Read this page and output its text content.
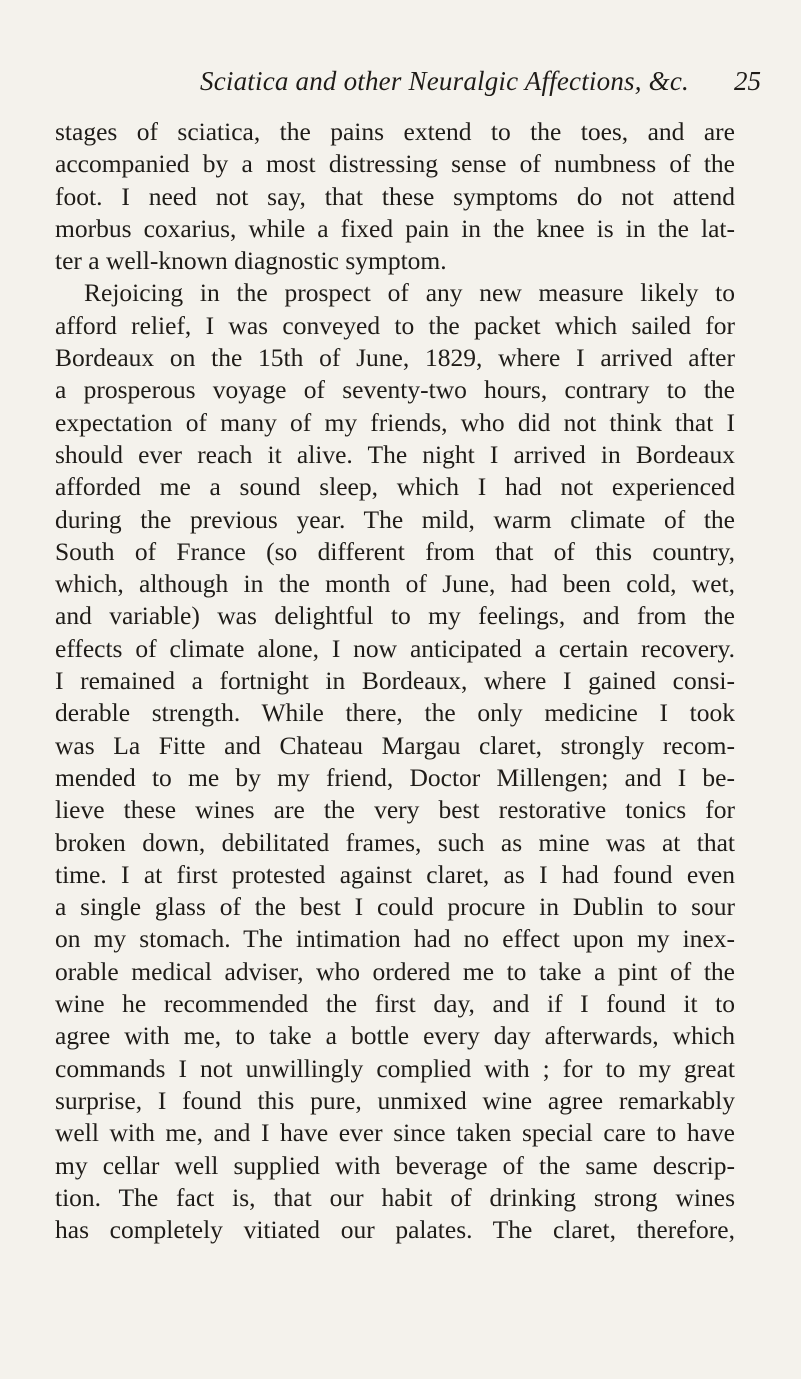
Sciatica and other Neuralgic Affections, &c.	25
stages of sciatica, the pains extend to the toes, and are
accompanied by a most distressing sense of numbness of the
foot. I need not say, that these symptoms do not attend
morbus coxarius, while a fixed pain in the knee is in the lat-
ter a well-known diagnostic symptom.
Rejoicing in the prospect of any new measure likely to
afford relief, I was conveyed to the packet which sailed for
Bordeaux on the 15th of June, 1829, where I arrived after
a prosperous voyage of seventy-two hours, contrary to the
expectation of many of my friends, who did not think that I
should ever reach it alive. The night I arrived in Bordeaux
afforded me a sound sleep, which I had not experienced
during the previous year. The mild, warm climate of the
South of France (so different from that of this country,
which, although in the month of June, had been cold, wet,
and variable) was delightful to my feelings, and from the
effects of climate alone, I now anticipated a certain recovery.
I remained a fortnight in Bordeaux, where I gained consi-
derable strength. While there, the only medicine I took
was La Fitte and Chateau Margau claret, strongly recom-
mended to me by my friend, Doctor Millengen; and I be-
lieve these wines are the very best restorative tonics for
broken down, debilitated frames, such as mine was at that
time. I at first protested against claret, as I had found even
a single glass of the best I could procure in Dublin to sour
on my stomach. The intimation had no effect upon my inex-
orable medical adviser, who ordered me to take a pint of the
wine he recommended the first day, and if I found it to
agree with me, to take a bottle every day afterwards, which
commands I not unwillingly complied with ; for to my great
surprise, I found this pure, unmixed wine agree remarkably
well with me, and I have ever since taken special care to have
my cellar well supplied with beverage of the same descrip-
tion. The fact is, that our habit of drinking strong wines
has completely vitiated our palates. The claret, therefore,
